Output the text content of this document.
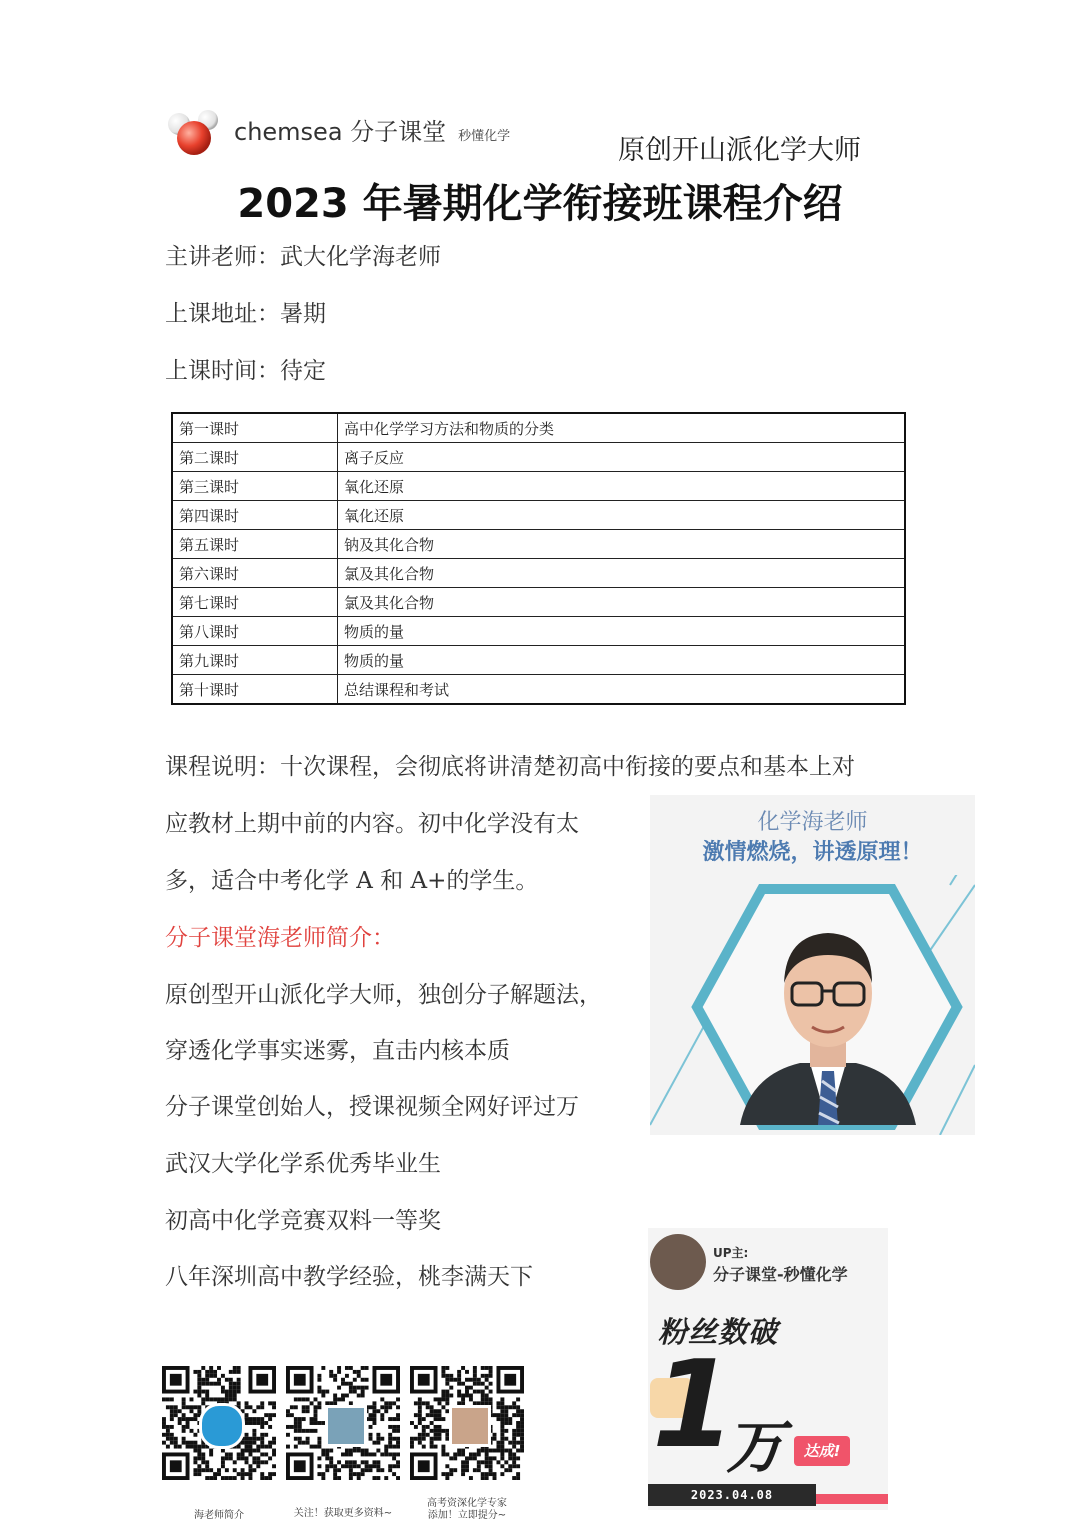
chemsea 分子课堂 秒懂化学	原创开山派化学大师
2023 年暑期化学衔接班课程介绍
主讲老师：武大化学海老师
上课地址：暑期
上课时间：待定
第一课时	高中化学学习方法和物质的分类
第二课时	离子反应
第三课时	氧化还原
第四课时	氧化还原
第五课时	钠及其化合物
第六课时	氯及其化合物
第七课时	氯及其化合物
第八课时	物质的量
第九课时	物质的量
第十课时	总结课程和考试
课程说明：十次课程，会彻底将讲清楚初高中衔接的要点和基本上对
应教材上期中前的内容。初中化学没有太
多，适合中考化学 A 和 A+的学生。
分子课堂海老师简介：
原创型开山派化学大师，独创分子解题法，
穿透化学事实迷雾，直击内核本质
分子课堂创始人，授课视频全网好评过万
武汉大学化学系优秀毕业生
初高中化学竞赛双料一等奖
八年深圳高中教学经验，桃李满天下
化学海老师
激情燃烧，讲透原理！
海老师简介	关注！获取更多资料~
高考资深化学专家
添加！立即提分~
UP主:
分子课堂-秒懂化学
粉丝数破
1
万	达成!
2023.04.08
